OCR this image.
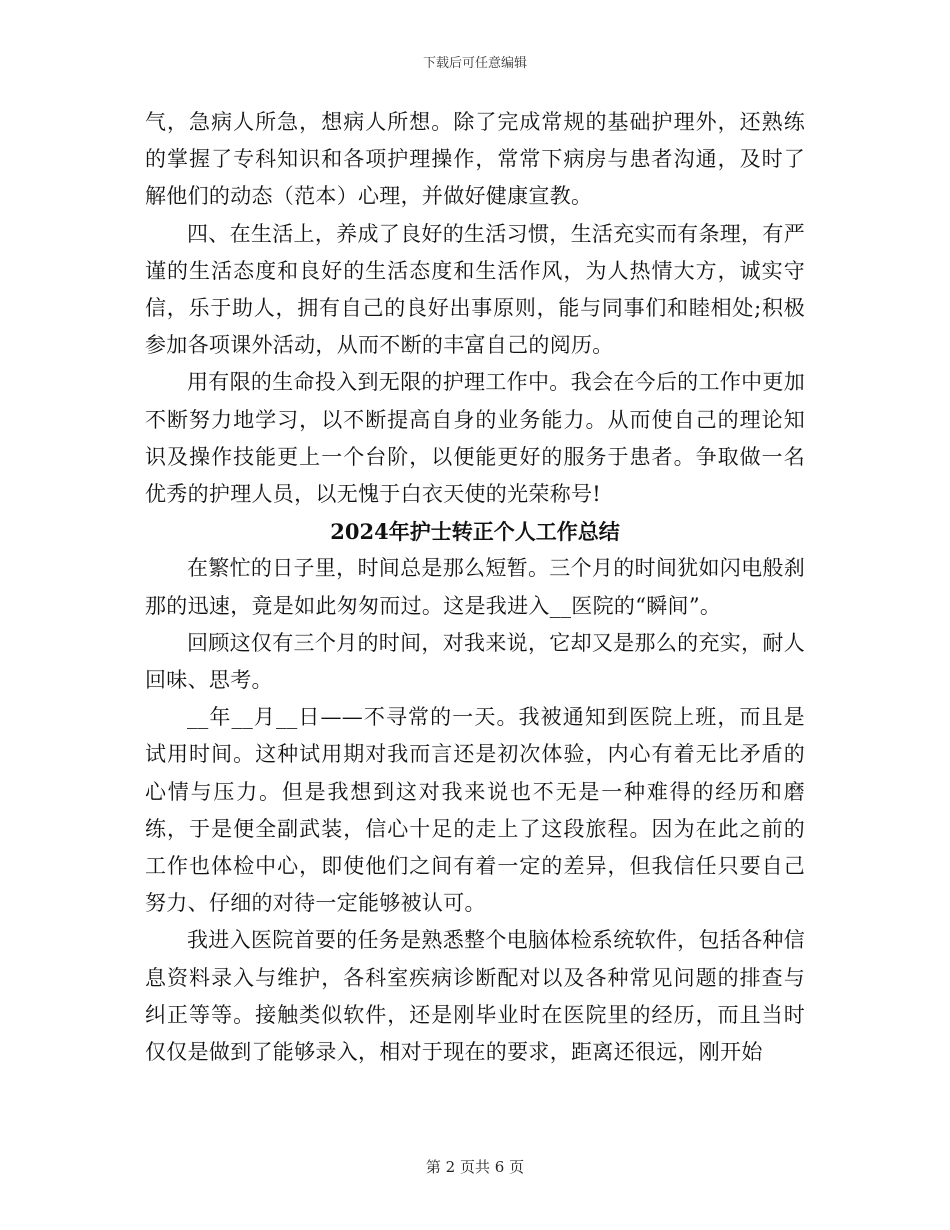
下载后可任意编辑

气，急病人所急，想病人所想。除了完成常规的基础护理外，还熟练的掌握了专科知识和各项护理操作，常常下病房与患者沟通，及时了解他们的动态（范本）心理，并做好健康宣教。

四、在生活上，养成了良好的生活习惯，生活充实而有条理，有严谨的生活态度和良好的生活态度和生活作风，为人热情大方，诚实守信，乐于助人，拥有自己的良好出事原则，能与同事们和睦相处;积极参加各项课外活动，从而不断的丰富自己的阅历。

用有限的生命投入到无限的护理工作中。我会在今后的工作中更加不断努力地学习，以不断提高自身的业务能力。从而使自己的理论知识及操作技能更上一个台阶，以便能更好的服务于患者。争取做一名优秀的护理人员，以无愧于白衣天使的光荣称号!

2024年护士转正个人工作总结

在繁忙的日子里，时间总是那么短暂。三个月的时间犹如闪电般刹那的迅速，竟是如此匆匆而过。这是我进入__医院的“瞬间”。

回顾这仅有三个月的时间，对我来说，它却又是那么的充实，耐人回味、思考。

__年__月__日——不寻常的一天。我被通知到医院上班，而且是试用时间。这种试用期对我而言还是初次体验，内心有着无比矛盾的心情与压力。但是我想到这对我来说也不无是一种难得的经历和磨练，于是便全副武装，信心十足的走上了这段旅程。因为在此之前的工作也体检中心，即使他们之间有着一定的差异，但我信任只要自己努力、仔细的对待一定能够被认可。

我进入医院首要的任务是熟悉整个电脑体检系统软件，包括各种信息资料录入与维护，各科室疾病诊断配对以及各种常见问题的排查与纠正等等。接触类似软件，还是刚毕业时在医院里的经历，而且当时仅仅是做到了能够录入，相对于现在的要求，距离还很远，刚开始

第 2 页共 6 页
